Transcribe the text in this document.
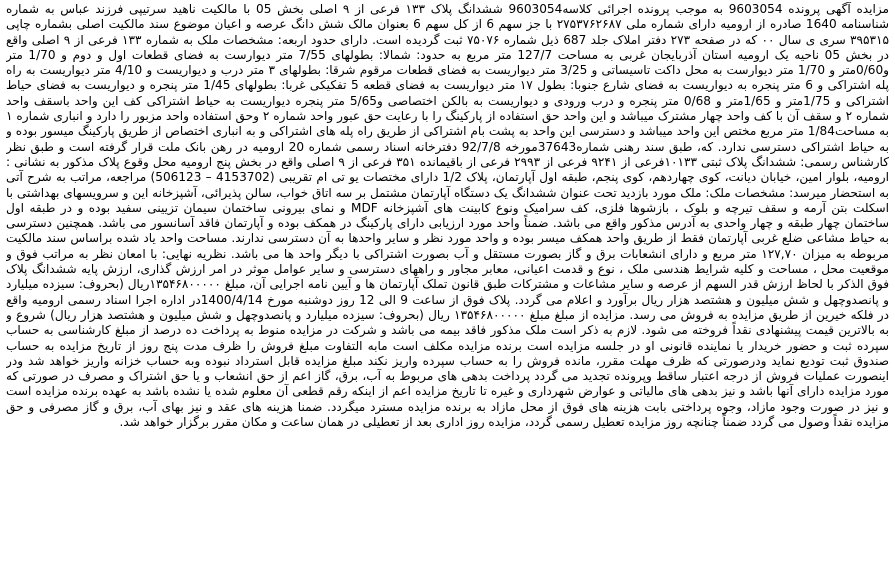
مزایده آگهی پرونده 9603054 به موجب پرونده اجرائی کلاسه9603054 ششدانگ پلاک ۱۳۳ فرعی از ۹ اصلی بخش 05 با مالکیت ناهید سرتیپی فرزند عباس به شماره شناسنامه 1640 صادره از ارومیه دارای شماره ملی ۲۷۵۳۷۶۲۶۸۷ با جز سهم 6 از کل سهم 6 بعنوان مالک شش دانگ عرصه و اعیان موضوع سند مالکیت اصلی بشماره چاپی ۳۹۵۳۱۵ سری ی سال ۰۰ که در صفحه ۲۷۳ دفتر املاک جلد 687 ذیل شماره ۷۵۰۷۶ ثبت گردیده است. دارای حدود اربعه: مشخصات ملک به شماره ۱۳۳ فرعی از ۹ اصلی واقع در بخش 05 ناحیه یک ارومیه استان آذربایجان غربی به مساحت 127/7 متر مربع به حدود: شمالا: بطولهای 7/55 متر دیوارست به فضای قطعات اول و دوم و 1/70 متر و0/60متر و 1/70 متر دیوارست به محل داکت تاسیساتی و 3/25 متر دیواریست به فضای قطعات مرقوم شرقا: بطولهای ۳ متر درب و دیواریست و 4/10 متر دیواریست به راه پله اشتراکی و 6 متر پنجره به دیواریست به فضای شارع جنوبا: بطول ۱۷ متر دیواریست به فضای قطعه 5 تفکیکی غربا: بطولهای 1/45 متر پنجره و دیواریست به فضای حیاط اشتراکی و 1/75متر و 1/65متر و 0/68 متر پنجره و درب ورودی و دیواریست به بالکن اختصاصی و5/65 متر پنجره دیواریست به حیاط اشتراکی کف این واحد باسقف واحد شماره ۲ و سقف آن با کف واحد چهار مشترک میباشد و این واحد حق استفاده از پارکینگ را با رعایت حق عبور واحد شماره ۲ وحق استفاده واحد مزبور را دارد و انباری شماره ۱ به مساحت1/84 متر مربع مختص این واحد میباشد و دسترسی این واحد به پشت بام اشتراکی از طریق راه پله های اشتراکی و به انباری اختصاص از طریق پارکینگ میسور بوده و به حیاط اشتراکی دسترسی ندارد. که، طبق سند رهنی شماره37643مورخه 92/7/8 دفترخانه اسناد رسمی شماره 20 ارومیه در رهن بانک ملت قرار گرفته است و طبق نظر کارشناس رسمی: ششدانگ پلاک ثبتی ۱۰۱۳۳فرعی از ۹۲۴۱ فرعی از ۲۹۹۳ فرعی از باقیمانده ۳۵۱ فرعی از ۹ اصلی واقع در بخش پنج ارومیه محل وقوع پلاک مذکور به نشانی : ارومیه، بلوار امین، خیابان دیانت، کوی چهاردهم، کوی پنجم، طبقه اول آپارتمان، پلاک 1/2 دارای مختصات یو تی ام تقریبی (4153702 – 506123) مراجعه، مراتب به شرح آتی به استحضار میرسد: مشخصات ملک: ملک مورد بازدید تحت عنوان ششدانگ یک دستگاه آپارتمان مشتمل بر سه اتاق خواب، سالن پذیرائی، آشپزخانه این و سرویسهای بهداشتی با اسکلت بتن آرمه و سقف تیرچه و بلوک ، بازشوها فلزی، کف سرامیک ونوع کابینت های آشپزخانه MDF و نمای بیرونی ساختمان سیمان تزیینی سفید بوده و در طبقه اول ساختمان چهار طبقه و چهار واحدی به آدرس مذکور واقع می باشد. ضمناً واحد مورد ارزیابی دارای پارکینگ در همکف بوده و آپارتمان فاقد آسانسور می باشد. همچنین دسترسی به حیاط مشاعی ضلع غربی آپارتمان فقط از طریق واحد همکف میسر بوده و واحد مورد نظر و سایر واحدها به آن دسترسی ندارند. مساحت واحد یاد شده براساس سند مالکیت مربوطه به میزان ۱۲۷,۷۰ متر مربع و دارای انشعابات برق و گاز بصورت مستقل و آب بصورت اشتراکی با دیگر واحد ها می باشد. نظریه نهایی: با امعان نظر به مراتب فوق و موقعیت محل ، مساحت و کلیه شرایط هندسی ملک ، نوع و قدمت اعیانی، معابر مجاور و راههای دسترسی و سایر عوامل موثر در امر ارزش گذاری، ارزش پایه ششدانگ پلاک فوق الذکر با لحاظ ارزش قدر السهم از عرصه و سایر مشاعات و مشترکات طبق قانون تملک آپارتمان ها و آیین نامه اجرایی آن، مبلغ ۱۳۵۴۶۸۰۰۰۰۰ریال (بحروف: سیزده میلیارد و پانصدوچهل و شش میلیون و هشتصد هزار ریال برآورد و اعلام می گردد. پلاک فوق از ساعت 9 الی 12 روز دوشنبه مورخ 1400/4/14در اداره اجرا اسناد رسمی ارومیه واقع در فلکه خیرین از طریق مزایده به فروش می رسد. مزایده از مبلغ مبلغ ۱۳۵۴۶۸۰۰۰۰۰ ریال (بحروف: سیزده میلیارد و پانصدوچهل و شش میلیون و هشتصد هزار ریال) شروع و به بالاترین قیمت پیشنهادی نقداً فروخته می شود. لازم به ذکر است ملک مذکور فاقد بیمه می باشد و شرکت در مزایده منوط به پرداخت ده درصد از مبلغ کارشناسی به حساب سپرده ثبت و حضور خریدار یا نماینده قانونی او در جلسه مزایده است برنده مزایده مکلف است مابه التفاوت مبلغ فروش را ظرف مدت پنج روز از تاریخ مزایده به حساب صندوق ثبت تودیع نماید ودرصورتی که ظرف مهلت مقرر، مانده فروش را به حساب سپرده واریز نکند مبلغ مزایده قابل استرداد نبوده وبه حساب خزانه واریز خواهد شد ودر اینصورت عملیات فروش از درجه اعتبار ساقط وپرونده تجدید می گردد پرداخت بدهی های مربوط به آب، برق، گاز اعم از حق انشعاب و یا حق اشتراک و مصرف در صورتی که مورد مزایده دارای آنها باشد و نیز بدهی های مالیاتی و عوارض شهرداری و غیره تا تاریخ مزایده اعم از اینکه رقم قطعی آن معلوم شده یا نشده باشد به عهده برنده مزایده است و نیز در صورت وجود مازاد، وجوه پرداختی بابت هزینه های فوق از محل مازاد به برنده مزایده مسترد میگردد. ضمنا هزینه های عقد و نیز بهای آب، برق و گاز مصرفی و حق مزایده نقداً وصول می گردد ضمناً چنانچه روز مزایده تعطیل رسمی گردد، مزایده روز اداری بعد از تعطیلی در همان ساعت و مکان مقرر برگزار خواهد شد.
